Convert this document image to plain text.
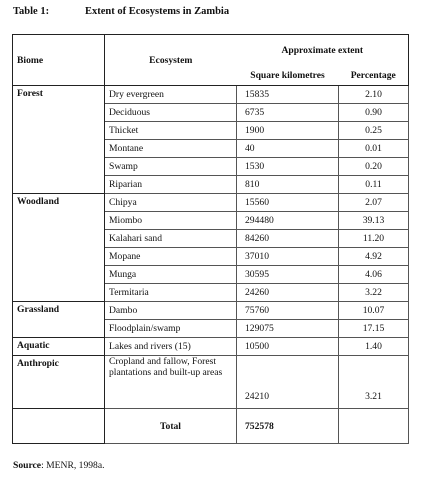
Table 1:	Extent of Ecosystems in Zambia
Biome	Ecosystem	Approximate extent	
		Square kilometres	Percentage
Forest	Dry evergreen	15835	2.10
	Deciduous	6735	0.90
	Thicket	1900	0.25
	Montane	40	0.01
	Swamp	1530	0.20
	Riparian	810	0.11
Woodland	Chipya	15560	2.07
	Miombo	294480	39.13
	Kalahari sand	84260	11.20
	Mopane	37010	4.92
	Munga	30595	4.06
	Termitaria	24260	3.22
Grassland	Dambo	75760	10.07
	Floodplain/swamp	129075	17.15
Aquatic	Lakes and rivers (15)	10500	1.40
Anthropic	Cropland and fallow, Forest plantations and built-up areas	24210	3.21
	Total	752578	
Source: MENR, 1998a.
